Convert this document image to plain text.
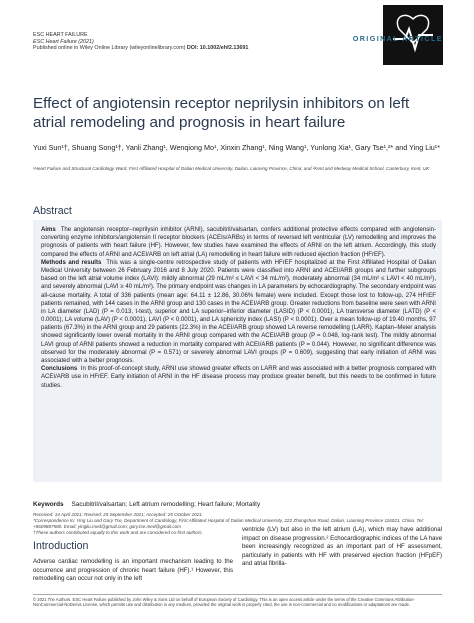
ESC HEART FAILURE
ESC Heart Failure (2021)
Published online in Wiley Online Library (wileyonlinelibrary.com) DOI: 10.1002/ehf2.13691
ORIGINAL ARTICLE
Effect of angiotensin receptor neprilysin inhibitors on left atrial remodeling and prognosis in heart failure
Yuxi Sun¹†, Shuang Song¹†, Yanli Zhang¹, Wenqiong Mo¹, Xinxin Zhang¹, Ning Wang¹, Yunlong Xia¹, Gary Tse¹,²* and Ying Liu¹*
¹Heart Failure and Structural Cardiology Ward, First Affiliated Hospital of Dalian Medical University, Dalian, Liaoning Province, China; and ²Kent and Medway Medical School, Canterbury, Kent, UK
Abstract
Aims The angiotensin receptor–neprilysin inhibitor (ARNI), sacubitril/valsartan, confers additional protective effects compared with angiotensin-converting enzyme inhibitors/angiotensin II receptor blockers (ACEIs/ARBs) in terms of reversed left ventricular (LV) remodelling and improves the prognosis of patients with heart failure (HF). However, few studies have examined the effects of ARNI on the left atrium. Accordingly, this study compared the effects of ARNI and ACEI/ARB on left atrial (LA) remodelling in heart failure with reduced ejection fraction (HFrEF).
Methods and results This was a single-centre retrospective study of patients with HFrEF hospitalized at the First Affiliated Hospital of Dalian Medical University between 26 February 2016 and 8 July 2020. Patients were classified into ARNI and ACEI/ARB groups and further subgroups based on the left atrial volume index (LAVI): mildly abnormal (29 mL/m² ≤ LAVI < 34 mL/m²), moderately abnormal (34 mL/m² ≤ LAVI < 40 mL/m²), and severely abnormal (LAVI ≥ 40 mL/m²). The primary endpoint was changes in LA parameters by echocardiography. The secondary endpoint was all-cause mortality. A total of 336 patients (mean age: 64.11 ± 12.86, 30.06% female) were included. Except those lost to follow-up, 274 HFrEF patients remained, with 144 cases in the ARNI group and 130 cases in the ACEI/ARB group. Greater reductions from baseline were seen with ARNI in LA diameter (LAD) (P = 0.013, t-test), superior and LA superior–inferior diameter (LASID) (P < 0.0001), LA transverse diameter (LATD) (P < 0.0001), LA volume (LAV) (P < 0.0001), LAVI (P < 0.0001), and LA sphericity index (LASI) (P < 0.0001). Over a mean follow-up of 19.40 months, 97 patients (67.3%) in the ARNI group and 29 patients (22.3%) in the ACEI/ARB group showed LA reverse remodelling (LARR). Kaplan–Meier analysis showed significantly lower overall mortality in the ARNI group compared with the ACEI/ARB group (P = 0.048, log-rank test). The mildly abnormal LAVI group of ARNI patients showed a reduction in mortality compared with ACEI/ARB patients (P = 0.044). However, no significant difference was observed for the moderately abnormal (P = 0.571) or severely abnormal LAVI groups (P = 0.609), suggesting that early initiation of ARNI was associated with a better prognosis.
Conclusions In this proof-of-concept study, ARNI use showed greater effects on LARR and was associated with a better prognosis compared with ACEI/ARB use in HFrEF. Early initiation of ARNI in the HF disease process may produce greater benefit, but this needs to be confirmed in future studies.
Keywords Sacubitril/valsartan; Left atrium remodelling; Heart failure; Mortality
Received: 14 April 2021; Revised: 25 September 2021; Accepted: 25 October 2021
*Correspondence to: Ying Liu and Gary Tse, Department of Cardiology, First Affiliated Hospital of Dalian Medical University, 222 Zhongshan Road, Dalian, Liaoning Province 116021, China. Tel: +8609887580. Email: yingliu.med@gmail.com; gary.tse.med@gmail.com
†These authors contributed equally to this work and are considered co-first authors.
Introduction
Adverse cardiac remodelling is an important mechanism leading to the occurrence and progression of chronic heart failure (HF).¹ However, this remodelling can occur not only in the left
ventricle (LV) but also in the left atrium (LA), which may have additional impact on disease progression.² Echocardiographic indices of the LA have been increasingly recognized as an important part of HF assessment, particularly in patients with HF with preserved ejection fraction (HFpEF) and atrial fibrilla-
© 2021 The Authors. ESC Heart Failure published by John Wiley & Sons Ltd on behalf of European Society of Cardiology. This is an open access article under the terms of the Creative Commons Attribution-NonCommercial-NoDerivs License, which permits use and distribution in any medium, provided the original work is properly cited, the use is non-commercial and no modifications or adaptations are made.
